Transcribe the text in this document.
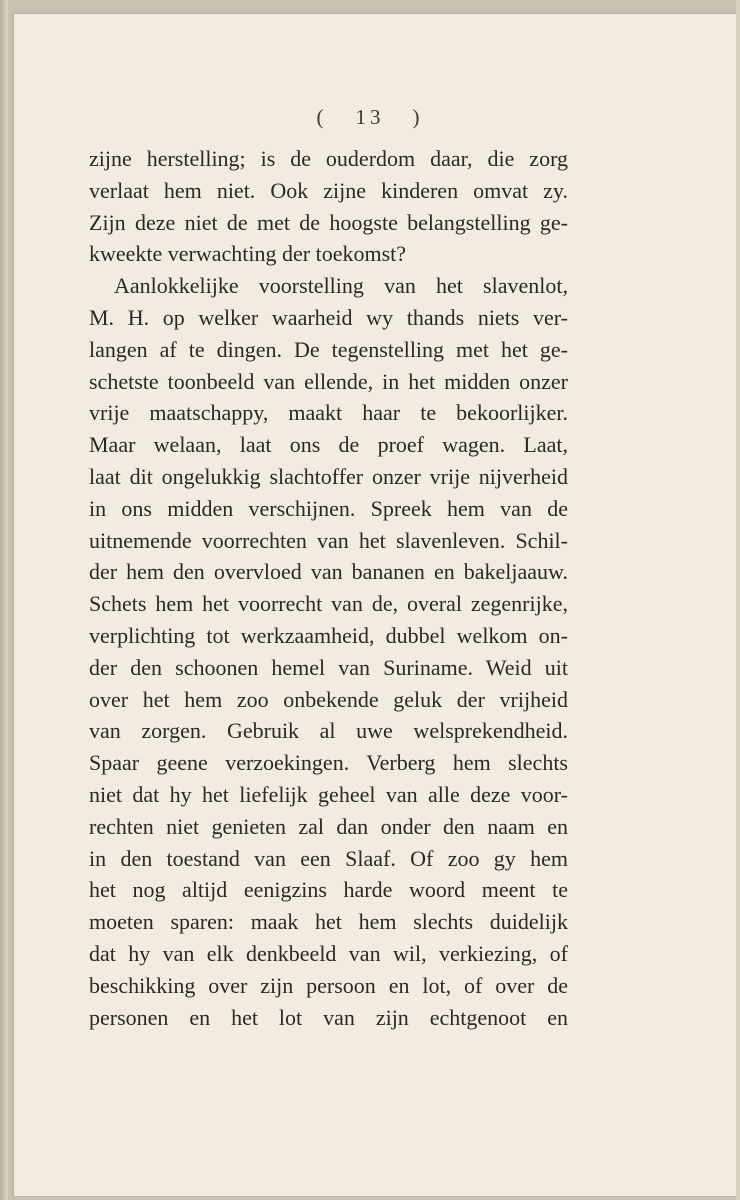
( 13 )
zijne herstelling; is de ouderdom daar, die zorg
verlaat hem niet. Ook zijne kinderen omvat zy.
Zijn deze niet de met de hoogste belangstelling ge-
kweekte verwachting der toekomst?
Aanlokkelijke voorstelling van het slavenlot,
M. H. op welker waarheid wy thands niets ver-
langen af te dingen. De tegenstelling met het ge-
schetste toonbeeld van ellende, in het midden onzer
vrije maatschappy, maakt haar te bekoorlijker.
Maar welaan, laat ons de proef wagen. Laat,
laat dit ongelukkig slachtoffer onzer vrije nijverheid
in ons midden verschijnen. Spreek hem van de
uitnemende voorrechten van het slavenleven. Schil-
der hem den overvloed van bananen en bakeljaauw.
Schets hem het voorrecht van de, overal zegenrijke,
verplichting tot werkzaamheid, dubbel welkom on-
der den schoonen hemel van Suriname. Weid uit
over het hem zoo onbekende geluk der vrijheid
van zorgen. Gebruik al uwe welsprekendheid.
Spaar geene verzoekingen. Verberg hem slechts
niet dat hy het liefelijk geheel van alle deze voor-
rechten niet genieten zal dan onder den naam en
in den toestand van een Slaaf. Of zoo gy hem
het nog altijd eenigzins harde woord meent te
moeten sparen: maak het hem slechts duidelijk
dat hy van elk denkbeeld van wil, verkiezing, of
beschikking over zijn persoon en lot, of over de
personen en het lot van zijn echtgenoot en
